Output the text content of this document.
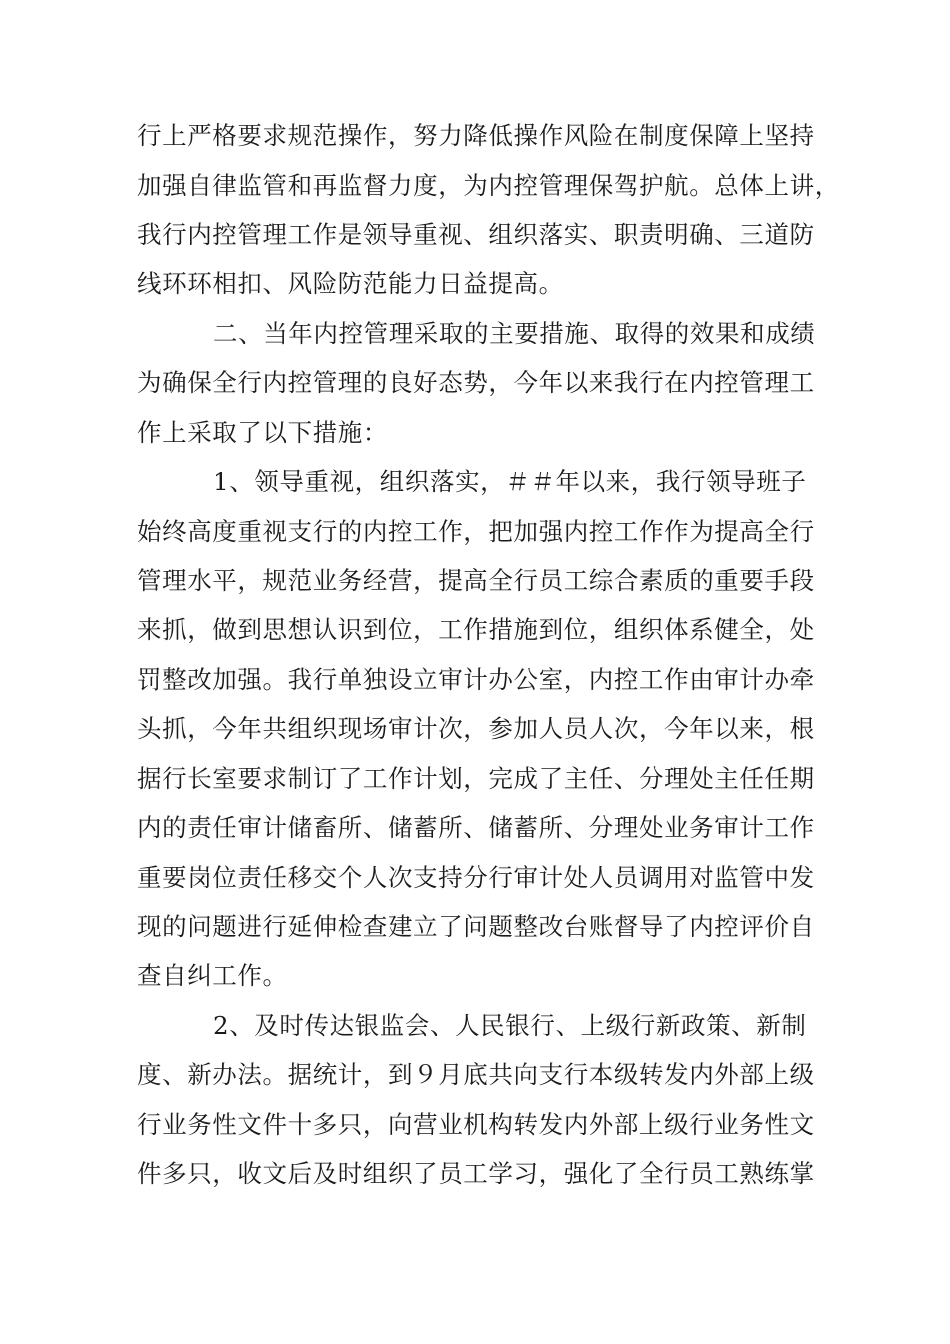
行上严格要求规范操作，努力降低操作风险在制度保障上坚持

加强自律监管和再监督力度，为内控管理保驾护航。总体上讲，

我行内控管理工作是领导重视、组织落实、职责明确、三道防

线环环相扣、风险防范能力日益提高。

二、当年内控管理采取的主要措施、取得的效果和成绩

为确保全行内控管理的良好态势，今年以来我行在内控管理工

作上采取了以下措施：

1、领导重视，组织落实，＃＃年以来，我行领导班子

始终高度重视支行的内控工作，把加强内控工作作为提高全行

管理水平，规范业务经营，提高全行员工综合素质的重要手段

来抓，做到思想认识到位，工作措施到位，组织体系健全，处

罚整改加强。我行单独设立审计办公室，内控工作由审计办牵

头抓，今年共组织现场审计次，参加人员人次，今年以来，根

据行长室要求制订了工作计划，完成了主任、分理处主任任期

内的责任审计储畜所、储蓄所、储蓄所、分理处业务审计工作

重要岗位责任移交个人次支持分行审计处人员调用对监管中发

现的问题进行延伸检查建立了问题整改台账督导了内控评价自

查自纠工作。

2、及时传达银监会、人民银行、上级行新政策、新制

度、新办法。据统计，到９月底共向支行本级转发内外部上级

行业务性文件十多只，向营业机构转发内外部上级行业务性文

件多只，收文后及时组织了员工学习，强化了全行员工熟练掌
